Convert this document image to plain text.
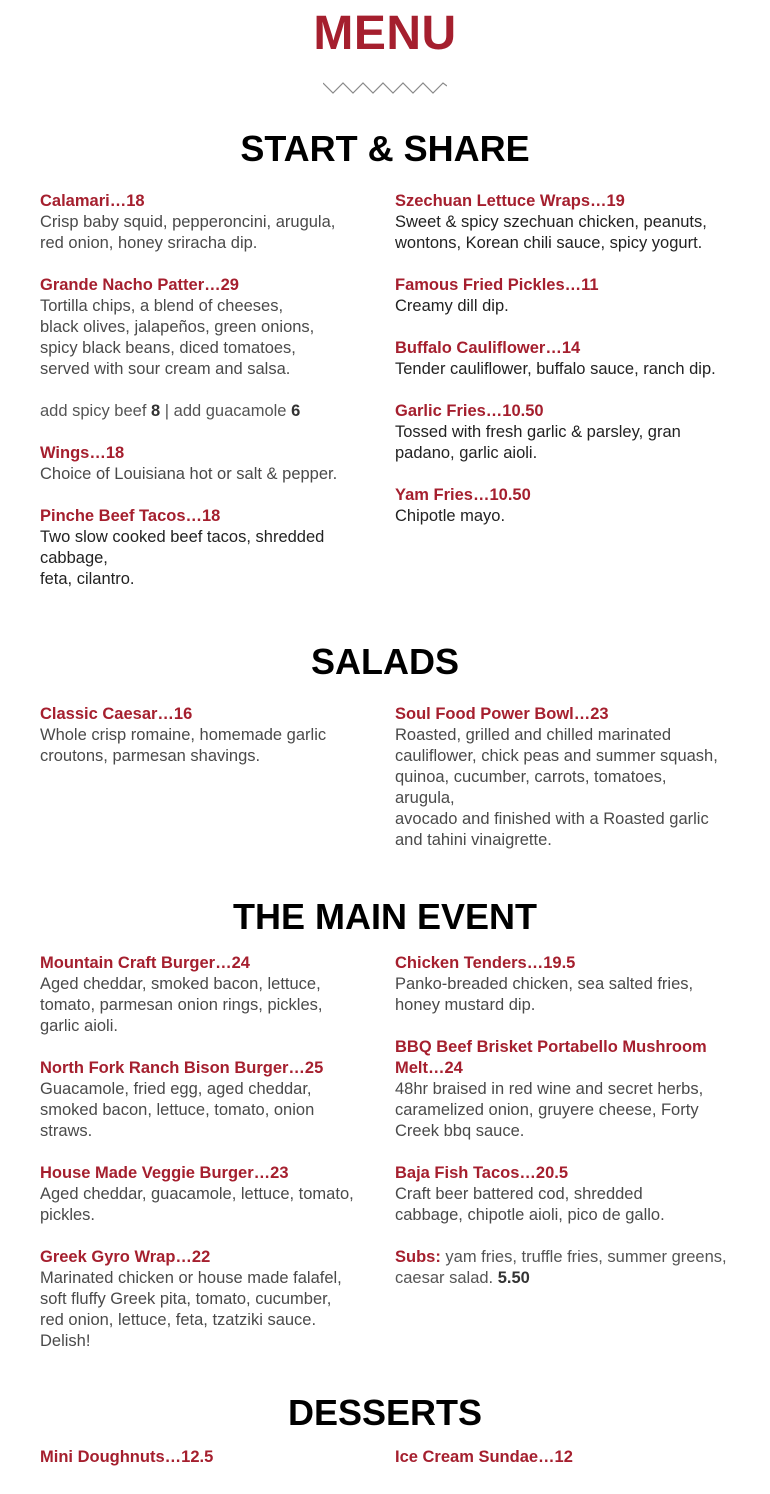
MENU
START & SHARE
Calamari…18
Crisp baby squid, pepperoncini, arugula,
red onion, honey sriracha dip.
Grande Nacho Patter…29
Tortilla chips, a blend of cheeses,
black olives, jalapeños, green onions,
spicy black beans, diced tomatoes,
served with sour cream and salsa.
add spicy beef 8 | add guacamole 6
Wings…18
Choice of Louisiana hot or salt & pepper.
Pinche Beef Tacos…18
Two slow cooked beef tacos, shredded cabbage,
feta, cilantro.
Szechuan Lettuce Wraps…19
Sweet & spicy szechuan chicken, peanuts,
wontons, Korean chili sauce, spicy yogurt.
Famous Fried Pickles…11
Creamy dill dip.
Buffalo Cauliflower…14
Tender cauliflower, buffalo sauce, ranch dip.
Garlic Fries…10.50
Tossed with fresh garlic & parsley, gran padano, garlic aioli.
Yam Fries…10.50
Chipotle mayo.
SALADS
Classic Caesar…16
Whole crisp romaine, homemade garlic
croutons, parmesan shavings.
Soul Food Power Bowl…23
Roasted, grilled and chilled marinated
cauliflower, chick peas and summer squash,
quinoa, cucumber, carrots, tomatoes, arugula,
avocado and finished with a Roasted garlic
and tahini vinaigrette.
THE MAIN EVENT
Mountain Craft Burger…24
Aged cheddar, smoked bacon, lettuce,
tomato, parmesan onion rings, pickles,
garlic aioli.
North Fork Ranch Bison Burger…25
Guacamole, fried egg, aged cheddar,
smoked bacon, lettuce, tomato, onion
straws.
House Made Veggie Burger…23
Aged cheddar, guacamole, lettuce, tomato,
pickles.
Greek Gyro Wrap…22
Marinated chicken or house made falafel,
soft fluffy Greek pita, tomato, cucumber,
red onion, lettuce, feta, tzatziki sauce.
Delish!
Chicken Tenders…19.5
Panko-breaded chicken, sea salted fries,
honey mustard dip.
BBQ Beef Brisket Portabello Mushroom Melt…24
48hr braised in red wine and secret herbs,
caramelized onion, gruyere cheese, Forty
Creek bbq sauce.
Baja Fish Tacos…20.5
Craft beer battered cod, shredded
cabbage, chipotle aioli, pico de gallo.
Subs: yam fries, truffle fries, summer greens, caesar salad. 5.50
DESSERTS
Mini Doughnuts…12.5	Ice Cream Sundae…12
